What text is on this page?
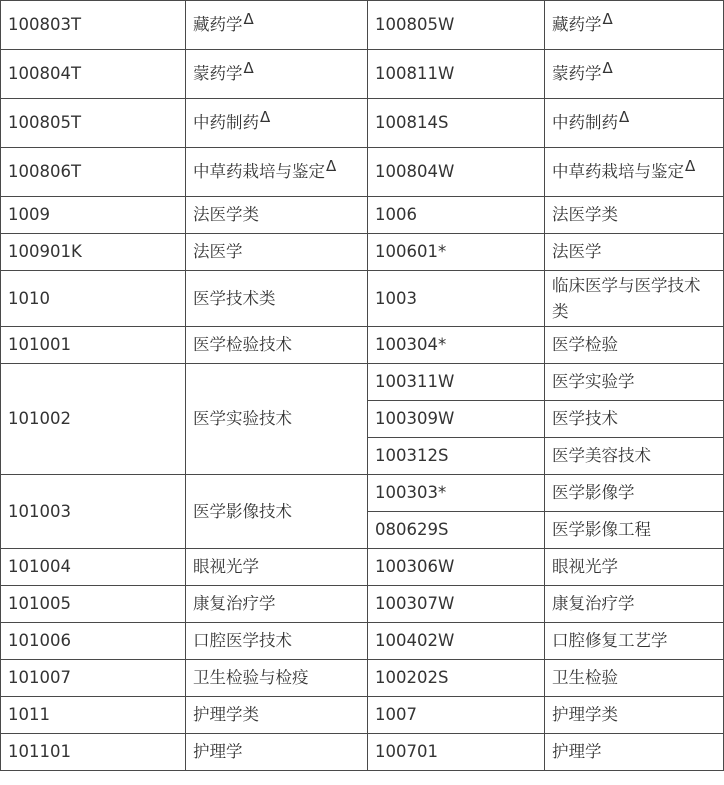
100803T	藏药学Δ	100805W	藏药学Δ
100804T	蒙药学Δ	100811W	蒙药学Δ
100805T	中药制药Δ	100814S	中药制药Δ
100806T	中草药栽培与鉴定Δ	100804W	中草药栽培与鉴定Δ
1009	法医学类	1006	法医学类
100901K	法医学	100601*	法医学
1010	医学技术类	1003	临床医学与医学技术类
101001	医学检验技术	100304*	医学检验
101002	医学实验技术	100311W	医学实验学
		100309W	医学技术
		100312S	医学美容技术
101003	医学影像技术	100303*	医学影像学
		080629S	医学影像工程
101004	眼视光学	100306W	眼视光学
101005	康复治疗学	100307W	康复治疗学
101006	口腔医学技术	100402W	口腔修复工艺学
101007	卫生检验与检疫	100202S	卫生检验
1011	护理学类	1007	护理学类
101101	护理学	100701	护理学
